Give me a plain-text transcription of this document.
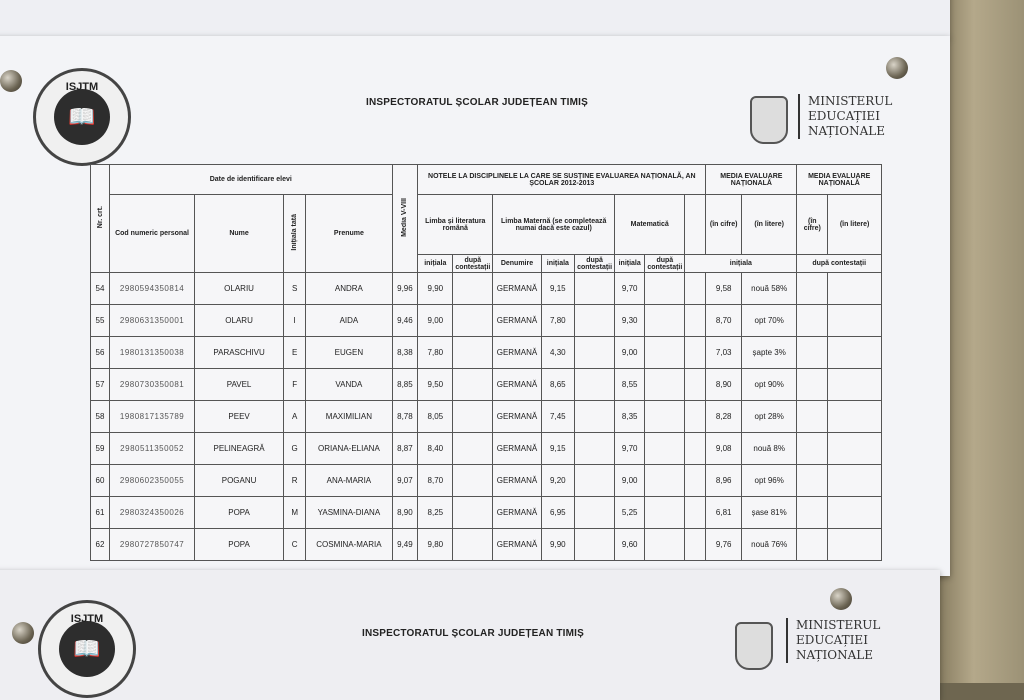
ISJTM
📖
INSPECTORATUL ȘCOLAR JUDEȚEAN TIMIȘ	MINISTERUL
EDUCAȚIEI
NAȚIONALE
Nr. crt.	Date de identificare elevi				Media V-VIII	NOTELE LA DISCIPLINELE LA CARE SE SUSȚINE EVALUAREA NAȚIONALĂ, AN ȘCOLAR 2012-2013								MEDIA EVALUARE NAȚIONALĂ		MEDIA EVALUARE NAȚIONALĂ	
	Cod numeric personal	Nume	Inițiala tată	Prenume		Limba și literatura română		Limba Maternă (se completează numai dacă este cazul)			Matematică			(în cifre)	(în litere)	(în cifre)	(în litere)
						inițiala	după contestații	Denumire	inițiala	după contestații	inițiala	după contestații	inițiala			după contestații	
54	2980594350814	OLARIU	S	ANDRA	9,96	9,90		GERMANĂ	9,15		9,70			9,58	nouă 58%		
55	2980631350001	OLARU	I	AIDA	9,46	9,00		GERMANĂ	7,80		9,30			8,70	opt 70%		
56	1980131350038	PARASCHIVU	E	EUGEN	8,38	7,80		GERMANĂ	4,30		9,00			7,03	șapte 3%		
57	2980730350081	PAVEL	F	VANDA	8,85	9,50		GERMANĂ	8,65		8,55			8,90	opt 90%		
58	1980817135789	PEEV	A	MAXIMILIAN	8,78	8,05		GERMANĂ	7,45		8,35			8,28	opt 28%		
59	2980511350052	PELINEAGRĂ	G	ORIANA-ELIANA	8,87	8,40		GERMANĂ	9,15		9,70			9,08	nouă 8%		
60	2980602350055	POGANU	R	ANA-MARIA	9,07	8,70		GERMANĂ	9,20		9,00			8,96	opt 96%		
61	2980324350026	POPA	M	YASMINA-DIANA	8,90	8,25		GERMANĂ	6,95		5,25			6,81	șase 81%		
62	2980727850747	POPA	C	COSMINA-MARIA	9,49	9,80		GERMANĂ	9,90		9,60			9,76	nouă 76%		
ISJTM
📖
INSPECTORATUL ȘCOLAR JUDEȚEAN TIMIȘ
MINISTERUL
EDUCAȚIEI
NAȚIONALE
